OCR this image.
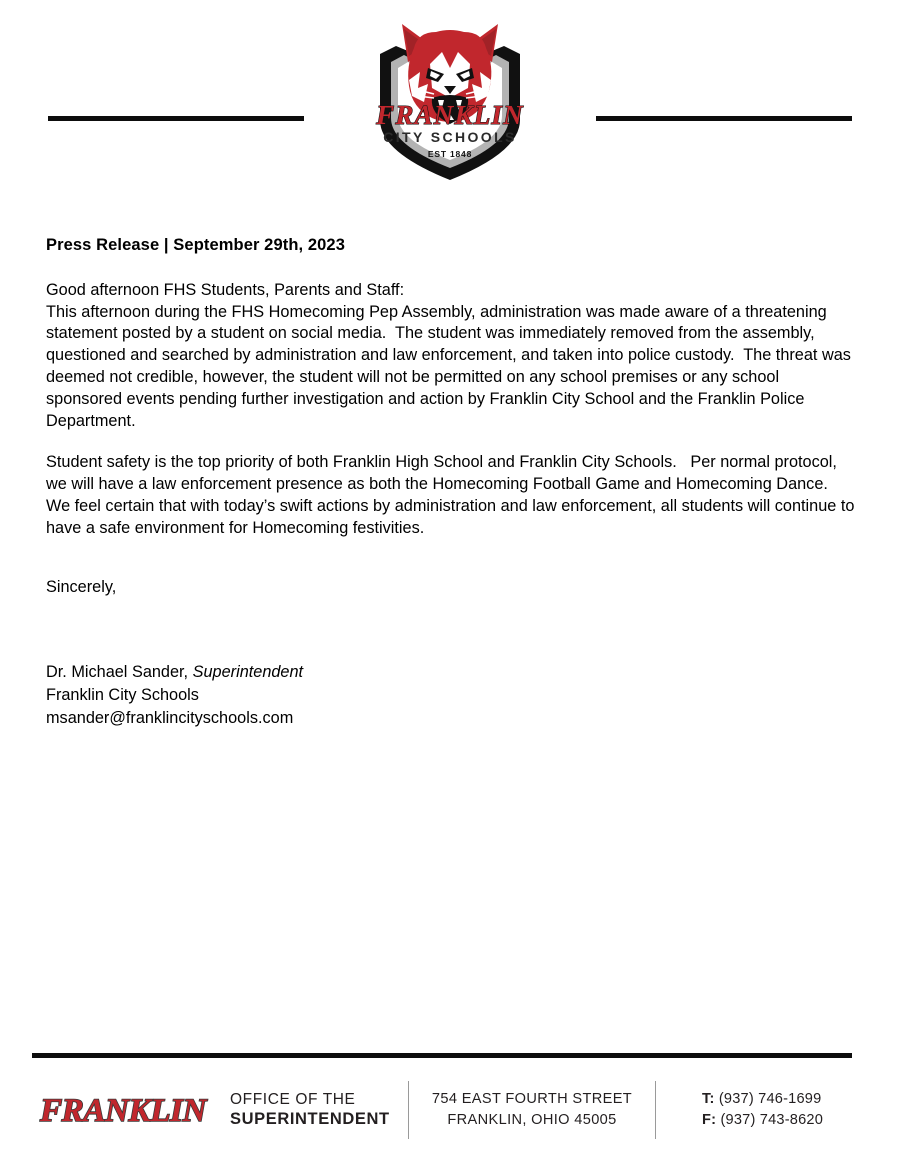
FRANKLIN
CITY SCHOOLS
EST 1848
Press Release | September 29th, 2023
Good afternoon FHS Students, Parents and Staff:
This afternoon during the FHS Homecoming Pep Assembly, administration was made aware of a threatening statement posted by a student on social media.  The student was immediately removed from the assembly, questioned and searched by administration and law enforcement, and taken into police custody.  The threat was deemed not credible, however, the student will not be permitted on any school premises or any school sponsored events pending further investigation and action by Franklin City School and the Franklin Police Department.
Student safety is the top priority of both Franklin High School and Franklin City Schools.   Per normal protocol, we will have a law enforcement presence as both the Homecoming Football Game and Homecoming Dance.  We feel certain that with today’s swift actions by administration and law enforcement, all students will continue to have a safe environment for Homecoming festivities.
Sincerely,
Dr. Michael Sander, Superintendent
Franklin City Schools
msander@franklincityschools.com
FRANKLIN OFFICE OF THE
SUPERINTENDENT
754 EAST FOURTH STREET
FRANKLIN, OHIO 45005
T: (937) 746-1699
F: (937) 743-8620
